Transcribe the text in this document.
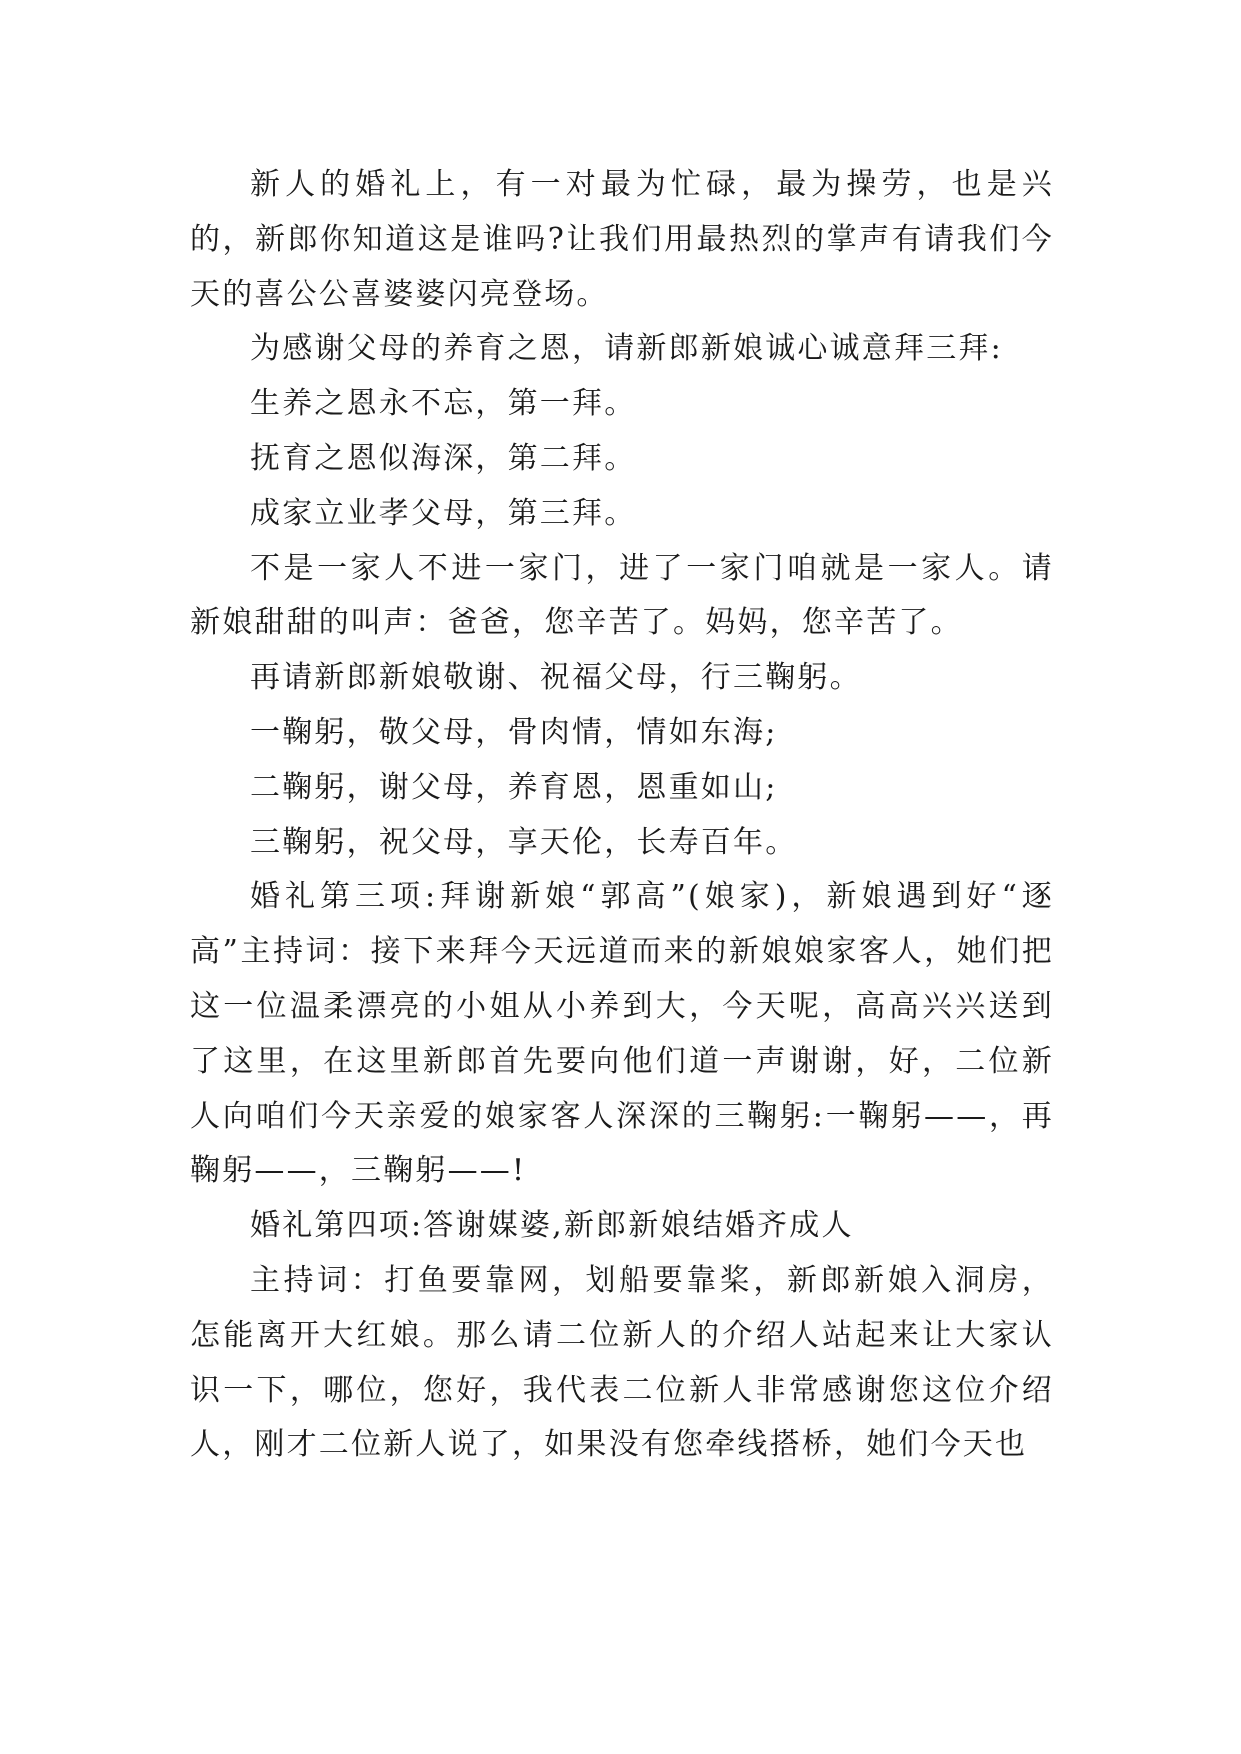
新人的婚礼上，有一对最为忙碌，最为操劳，也是兴的，新郎你知道这是谁吗?让我们用最热烈的掌声有请我们今天的喜公公喜婆婆闪亮登场。

为感谢父母的养育之恩，请新郎新娘诚心诚意拜三拜:

生养之恩永不忘，第一拜。

抚育之恩似海深，第二拜。

成家立业孝父母，第三拜。

不是一家人不进一家门，进了一家门咱就是一家人。请新娘甜甜的叫声：爸爸，您辛苦了。妈妈，您辛苦了。

再请新郎新娘敬谢、祝福父母，行三鞠躬。

一鞠躬，敬父母，骨肉情，情如东海;

二鞠躬，谢父母，养育恩，恩重如山;

三鞠躬，祝父母，享天伦，长寿百年。

婚礼第三项:拜谢新娘“郭高”(娘家)，新娘遇到好“逐高”主持词：接下来拜今天远道而来的新娘娘家客人，她们把这一位温柔漂亮的小姐从小养到大，今天呢，高高兴兴送到了这里，在这里新郎首先要向他们道一声谢谢，好，二位新人向咱们今天亲爱的娘家客人深深的三鞠躬:一鞠躬——，再鞠躬——，三鞠躬——!

婚礼第四项:答谢媒婆,新郎新娘结婚齐成人

主持词：打鱼要靠网，划船要靠桨，新郎新娘入洞房，怎能离开大红娘。那么请二位新人的介绍人站起来让大家认识一下，哪位，您好，我代表二位新人非常感谢您这位介绍人，刚才二位新人说了，如果没有您牵线搭桥，她们今天也
